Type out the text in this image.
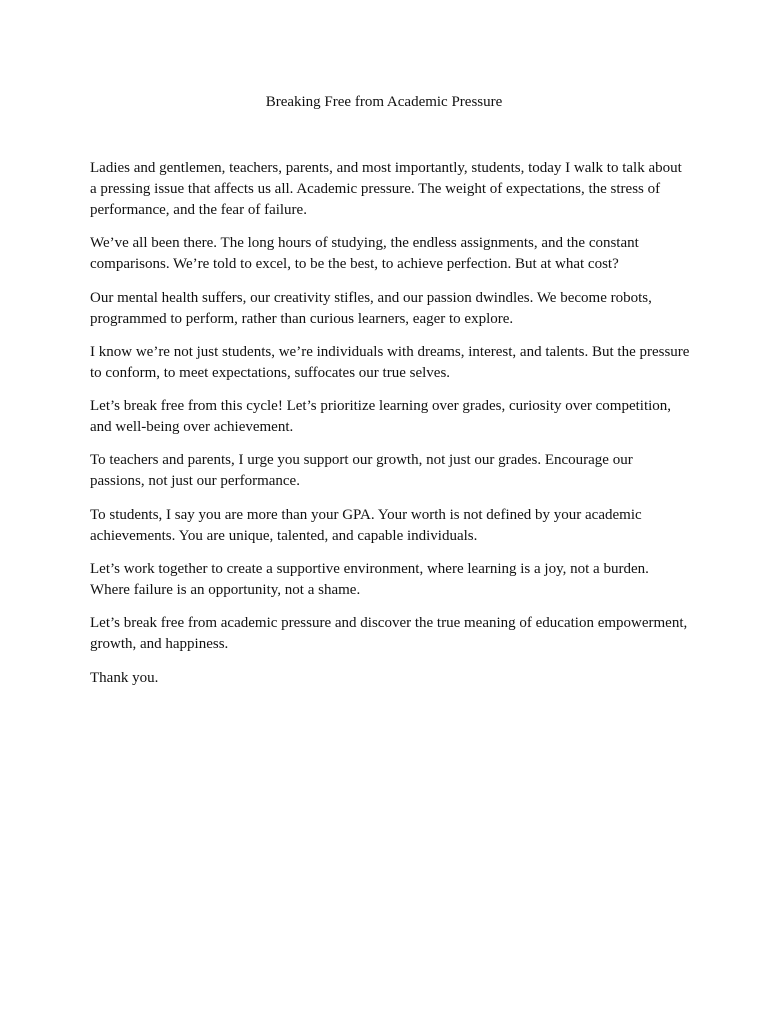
Breaking Free from Academic Pressure

Ladies and gentlemen, teachers, parents, and most importantly, students, today I walk to talk about a pressing issue that affects us all. Academic pressure. The weight of expectations, the stress of performance, and the fear of failure.

We’ve all been there. The long hours of studying, the endless assignments, and the constant comparisons. We’re told to excel, to be the best, to achieve perfection. But at what cost?

Our mental health suffers, our creativity stifles, and our passion dwindles. We become robots, programmed to perform, rather than curious learners, eager to explore.

I know we’re not just students, we’re individuals with dreams, interest, and talents. But the pressure to conform, to meet expectations, suffocates our true selves.

Let’s break free from this cycle! Let’s prioritize learning over grades, curiosity over competition, and well-being over achievement.

To teachers and parents, I urge you support our growth, not just our grades. Encourage our passions, not just our performance.

To students, I say you are more than your GPA. Your worth is not defined by your academic achievements. You are unique, talented, and capable individuals.

Let’s work together to create a supportive environment, where learning is a joy, not a burden. Where failure is an opportunity, not a shame.

Let’s break free from academic pressure and discover the true meaning of education empowerment, growth, and happiness.

Thank you.
